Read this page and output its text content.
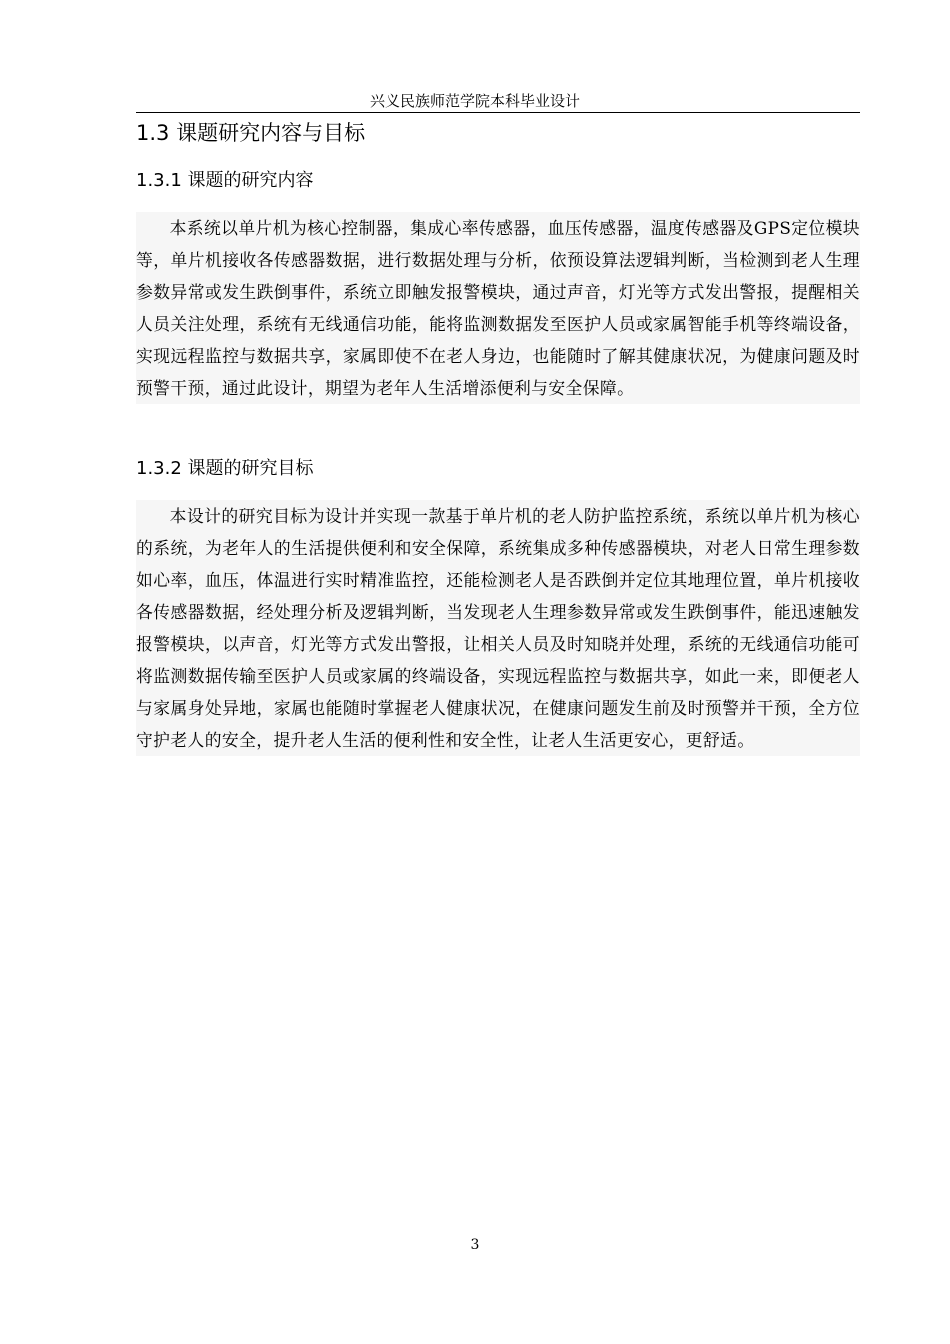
兴义民族师范学院本科毕业设计
1.3 课题研究内容与目标
1.3.1 课题的研究内容

本系统以单片机为核心控制器，集成心率传感器，血压传感器，温度传感器及GPS定位模块等，单片机接收各传感器数据，进行数据处理与分析，依预设算法逻辑判断，当检测到老人生理参数异常或发生跌倒事件，系统立即触发报警模块，通过声音，灯光等方式发出警报，提醒相关人员关注处理，系统有无线通信功能，能将监测数据发至医护人员或家属智能手机等终端设备，实现远程监控与数据共享，家属即使不在老人身边，也能随时了解其健康状况，为健康问题及时预警干预，通过此设计，期望为老年人生活增添便利与安全保障。

1.3.2 课题的研究目标

本设计的研究目标为设计并实现一款基于单片机的老人防护监控系统，系统以单片机为核心的系统，为老年人的生活提供便利和安全保障，系统集成多种传感器模块，对老人日常生理参数如心率，血压，体温进行实时精准监控，还能检测老人是否跌倒并定位其地理位置，单片机接收各传感器数据，经处理分析及逻辑判断，当发现老人生理参数异常或发生跌倒事件，能迅速触发报警模块，以声音，灯光等方式发出警报，让相关人员及时知晓并处理，系统的无线通信功能可将监测数据传输至医护人员或家属的终端设备，实现远程监控与数据共享，如此一来，即便老人与家属身处异地，家属也能随时掌握老人健康状况，在健康问题发生前及时预警并干预，全方位守护老人的安全，提升老人生活的便利性和安全性，让老人生活更安心，更舒适。

3
